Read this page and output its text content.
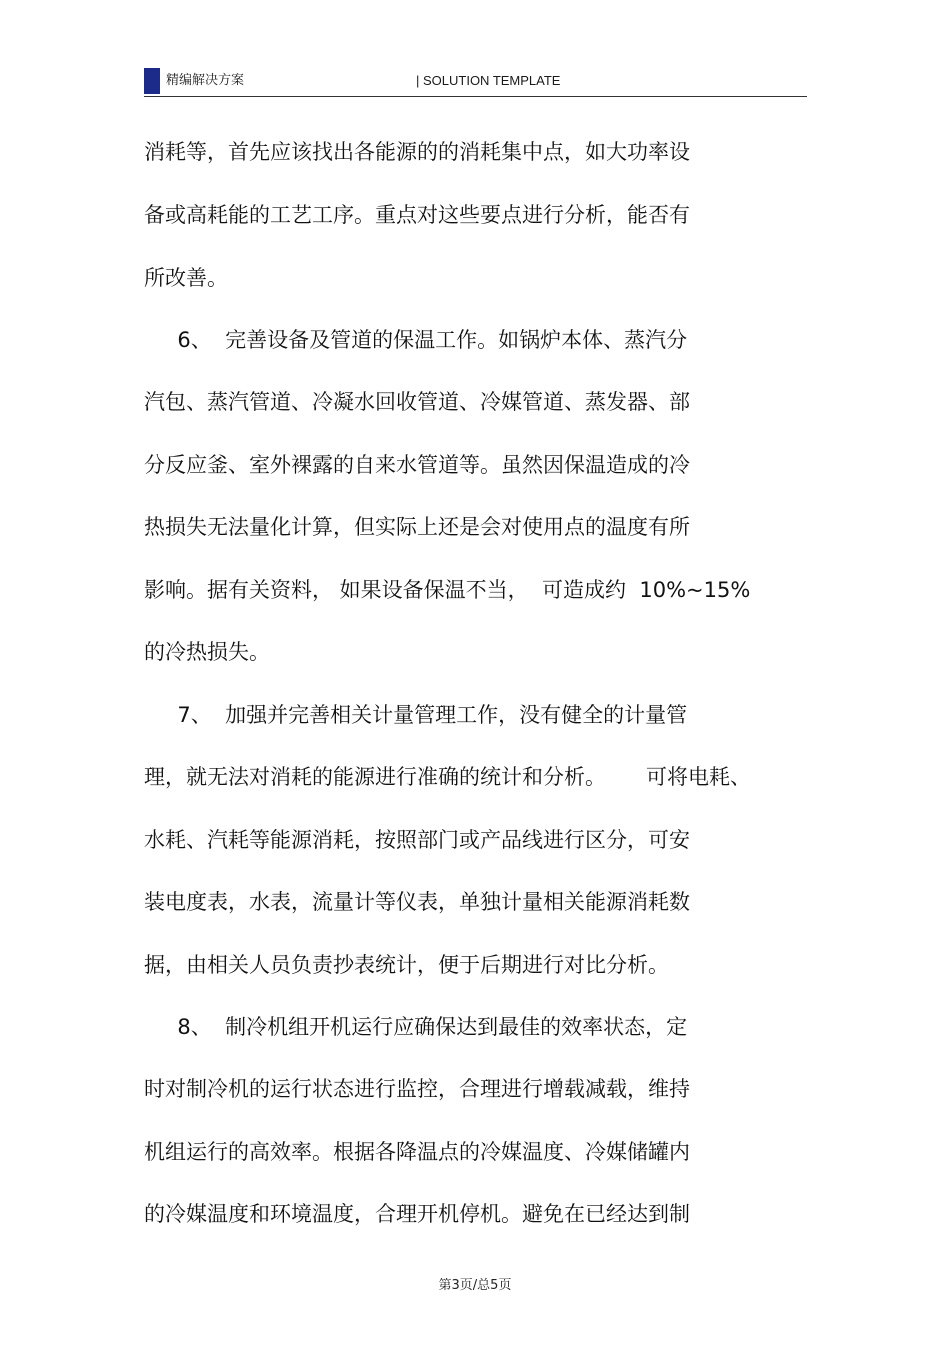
精编解决方案	| SOLUTION TEMPLATE
消耗等，首先应该找出各能源的的消耗集中点，如大功率设
备或高耗能的工艺工序。重点对这些要点进行分析，能否有
所改善。
6、  完善设备及管道的保温工作。如锅炉本体、蒸汽分
汽包、蒸汽管道、冷凝水回收管道、冷媒管道、蒸发器、部
分反应釜、室外裸露的自来水管道等。虽然因保温造成的冷
热损失无法量化计算，但实际上还是会对使用点的温度有所
影响。据有关资料， 如果设备保温不当，  可造成约  10%~15%
的冷热损失。
7、  加强并完善相关计量管理工作，没有健全的计量管
理，就无法对消耗的能源进行准确的统计和分析。      可将电耗、
水耗、汽耗等能源消耗，按照部门或产品线进行区分，可安
装电度表，水表，流量计等仪表，单独计量相关能源消耗数
据，由相关人员负责抄表统计，便于后期进行对比分析。
8、  制冷机组开机运行应确保达到最佳的效率状态，定
时对制冷机的运行状态进行监控，合理进行增载减载，维持
机组运行的高效率。根据各降温点的冷媒温度、冷媒储罐内
的冷媒温度和环境温度，合理开机停机。避免在已经达到制
第3页/总5页
